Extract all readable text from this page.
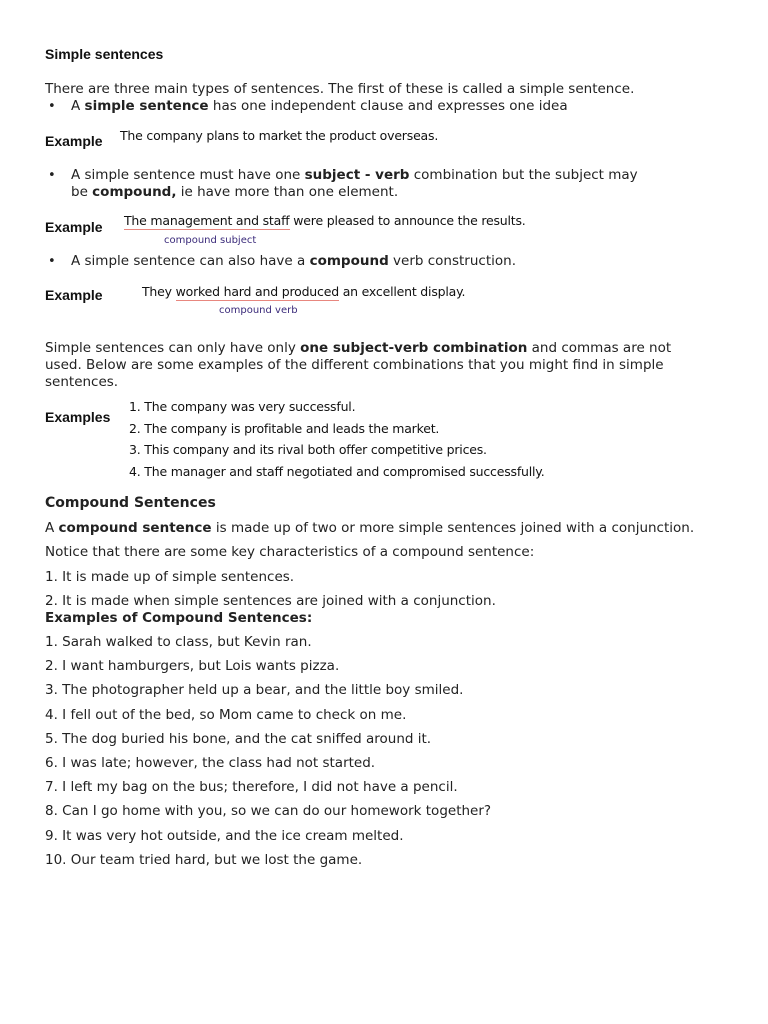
Simple sentences
There are three main types of sentences. The first of these is called a simple sentence.
• A simple sentence has one independent clause and expresses one idea
Example The company plans to market the product overseas.
• A simple sentence must have one subject - verb combination but the subject may
be compound, ie have more than one element.
Example The management and staff were pleased to announce the results.
compound subject
• A simple sentence can also have a compound verb construction.
Example	They worked hard and produced an excellent display.
compound verb
Simple sentences can only have only one subject-verb combination and commas are not
used. Below are some examples of the different combinations that you might find in simple
sentences.
Examples
1. The company was very successful.
2. The company is profitable and leads the market.
3. This company and its rival both offer competitive prices.
4. The manager and staff negotiated and compromised successfully.
Compound Sentences
A compound sentence is made up of two or more simple sentences joined with a conjunction.
Notice that there are some key characteristics of a compound sentence:
1. It is made up of simple sentences.
2. It is made when simple sentences are joined with a conjunction.
Examples of Compound Sentences:
1. Sarah walked to class, but Kevin ran.
2. I want hamburgers, but Lois wants pizza.
3. The photographer held up a bear, and the little boy smiled.
4. I fell out of the bed, so Mom came to check on me.
5. The dog buried his bone, and the cat sniffed around it.
6. I was late; however, the class had not started.
7. I left my bag on the bus; therefore, I did not have a pencil.
8. Can I go home with you, so we can do our homework together?
9. It was very hot outside, and the ice cream melted.
10. Our team tried hard, but we lost the game.
